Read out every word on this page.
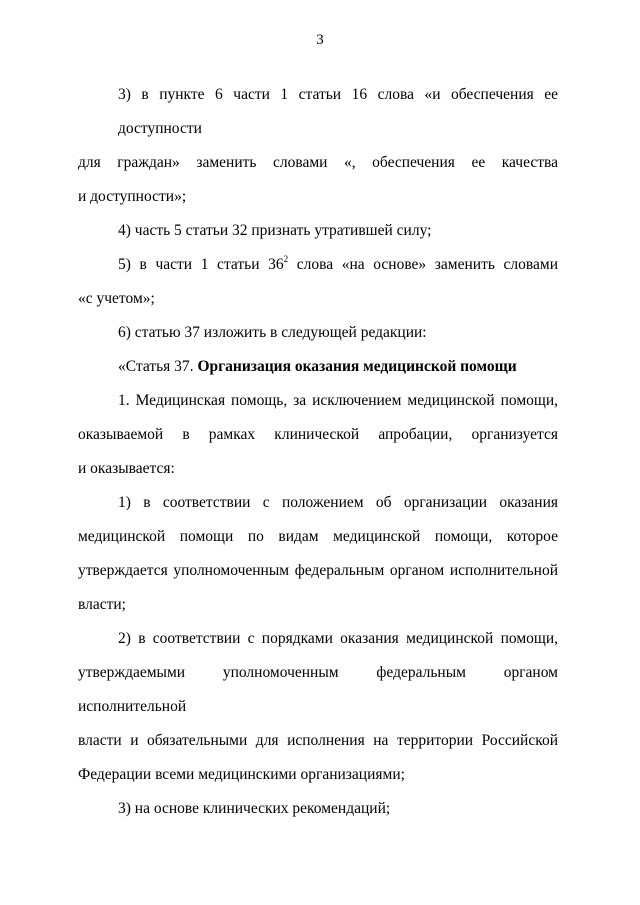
3
3) в пункте 6 части 1 статьи 16 слова «и обеспечения ее доступности
для граждан» заменить словами «, обеспечения ее качества
и доступности»;
4) часть 5 статьи 32 признать утратившей силу;
5) в части 1 статьи $36^2$ слова «на основе» заменить словами
«с учетом»;
6) статью 37 изложить в следующей редакции:
«Статья 37. Организация оказания медицинской помощи
1. Медицинская помощь, за исключением медицинской помощи,
оказываемой в рамках клинической апробации, организуется
и оказывается:
1) в соответствии с положением об организации оказания
медицинской помощи по видам медицинской помощи, которое
утверждается уполномоченным федеральным органом исполнительной
власти;
2) в соответствии с порядками оказания медицинской помощи,
утверждаемыми уполномоченным федеральным органом исполнительной
власти и обязательными для исполнения на территории Российской
Федерации всеми медицинскими организациями;
3) на основе клинических рекомендаций;
